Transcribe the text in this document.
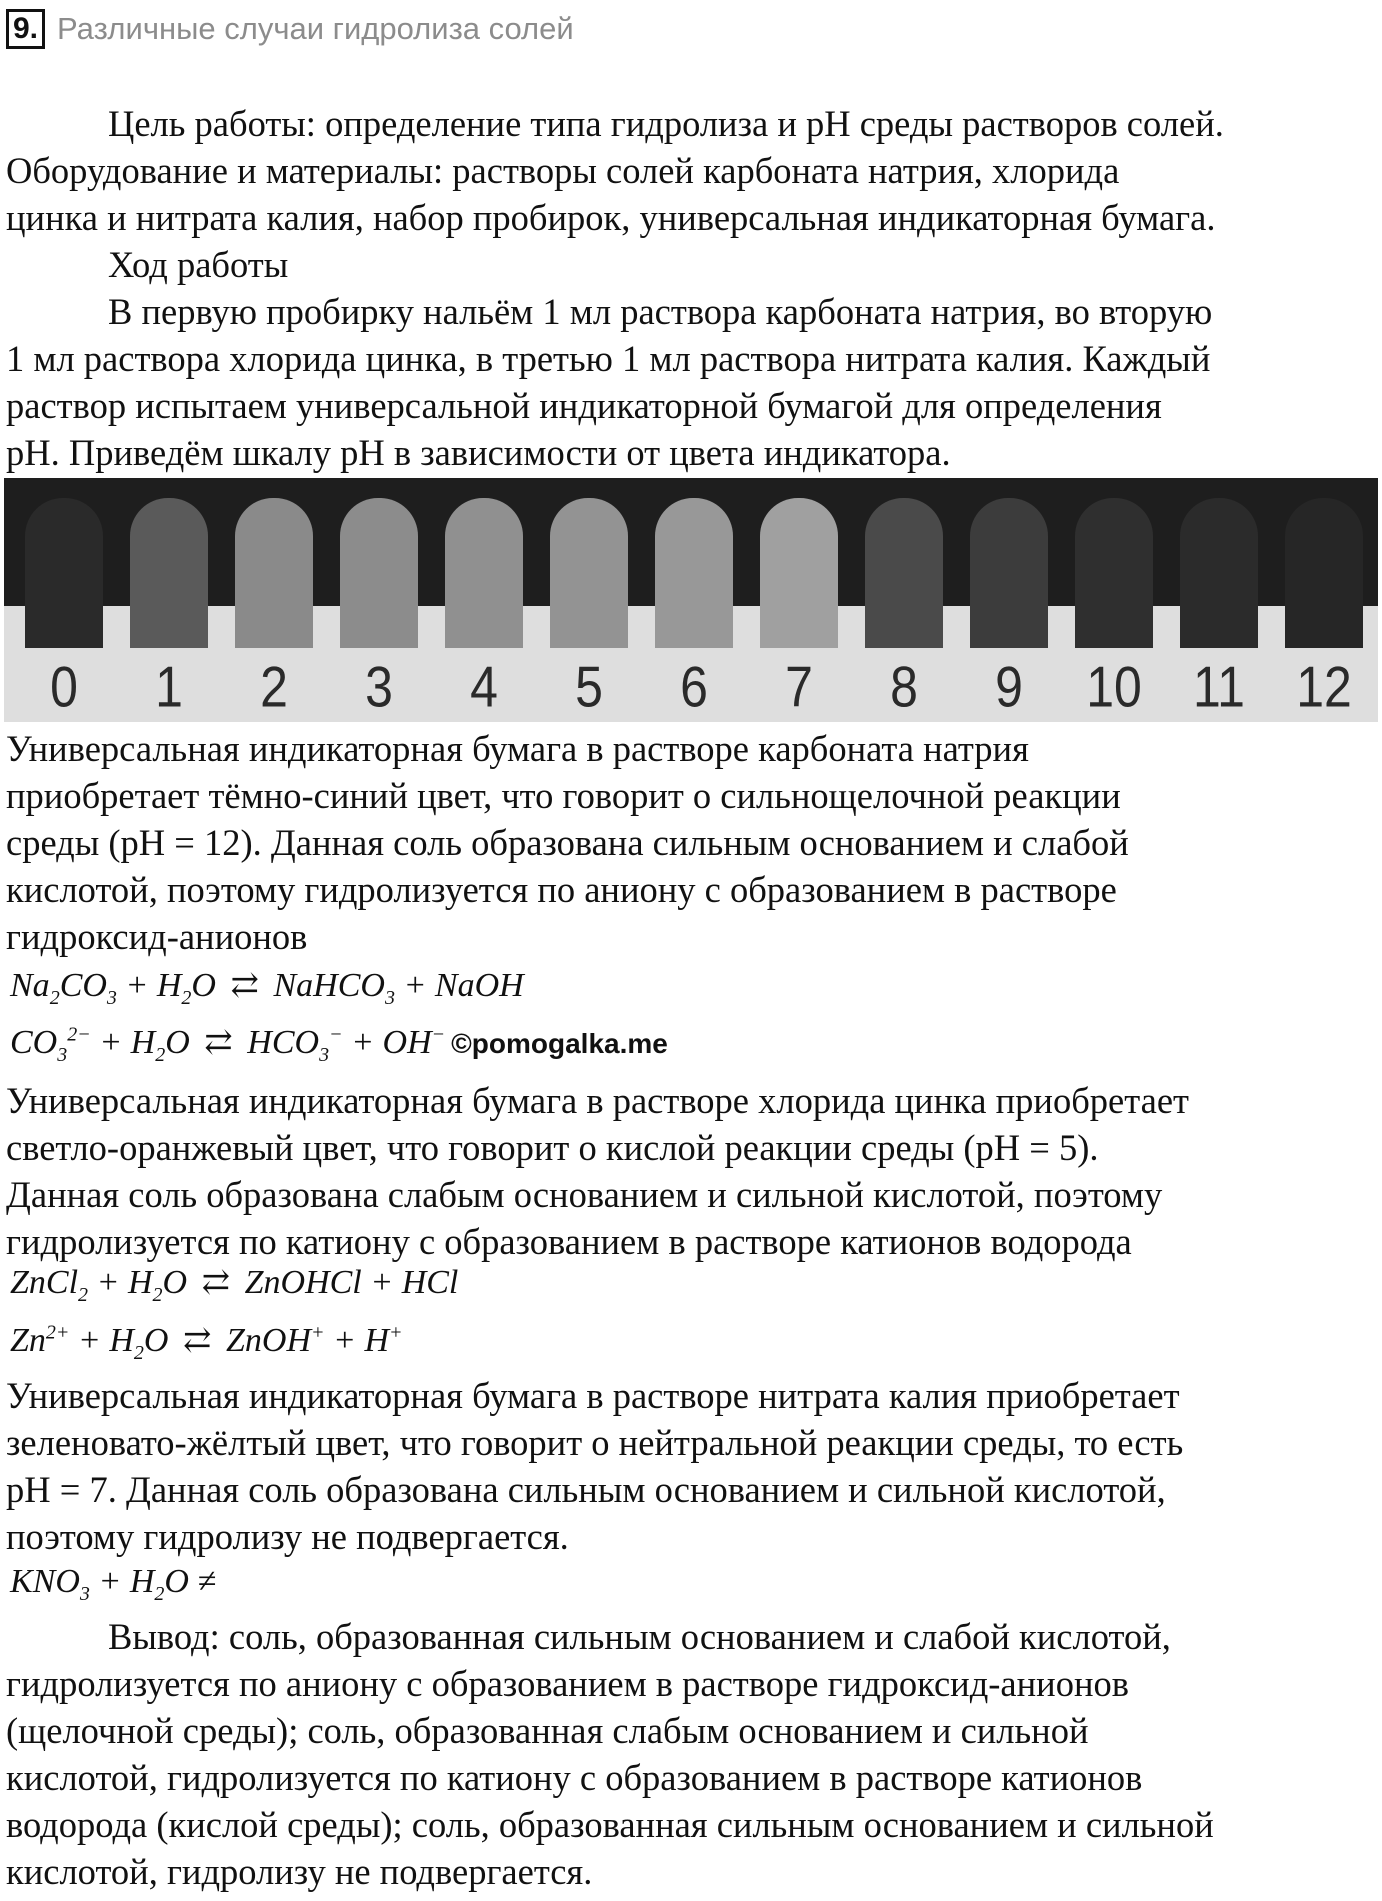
9. Различные случаи гидролиза солей
Цель работы: определение типа гидролиза и pH среды растворов солей.
Оборудование и материалы: растворы солей карбоната натрия, хлорида
цинка и нитрата калия, набор пробирок, универсальная индикаторная бумага.
Ход работы
В первую пробирку нальём 1 мл раствора карбоната натрия, во вторую
1 мл раствора хлорида цинка, в третью 1 мл раствора нитрата калия. Каждый
раствор испытаем универсальной индикаторной бумагой для определения
pH. Приведём шкалу pH в зависимости от цвета индикатора.
0	1	2	3	4	5	6	7	8	9	10	11	12
Универсальная индикаторная бумага в растворе карбоната натрия
приобретает тёмно-синий цвет, что говорит о сильнощелочной реакции
среды (pH = 12). Данная соль образована сильным основанием и слабой
кислотой, поэтому гидролизуется по аниону с образованием в растворе
гидроксид-анионов
$Na_2CO_3 + H_2O$ ⇄ NaHCO$_3$ + NaOH
$CO_3^{2-} + H_2O$ ⇄ $HCO_3^- + OH^-$ ©pomogalka.me
Универсальная индикаторная бумага в растворе хлорида цинка приобретает
светло-оранжевый цвет, что говорит о кислой реакции среды (pH = 5).
Данная соль образована слабым основанием и сильной кислотой, поэтому
гидролизуется по катиону с образованием в растворе катионов водорода
ZnCl$_2$ + $H_2O$ ⇄ ZnOHCl + HCl
$Zn^{2+} + H_2O$ ⇄ ZnOH+ + H+
Универсальная индикаторная бумага в растворе нитрата калия приобретает
зеленовато-жёлтый цвет, что говорит о нейтральной реакции среды, то есть
pH = 7. Данная соль образована сильным основанием и сильной кислотой,
поэтому гидролизу не подвергается.
$KNO_3 + H_2O$ ≠
Вывод: соль, образованная сильным основанием и слабой кислотой,
гидролизуется по аниону с образованием в растворе гидроксид-анионов
(щелочной среды); соль, образованная слабым основанием и сильной
кислотой, гидролизуется по катиону с образованием в растворе катионов
водорода (кислой среды); соль, образованная сильным основанием и сильной
кислотой, гидролизу не подвергается.
